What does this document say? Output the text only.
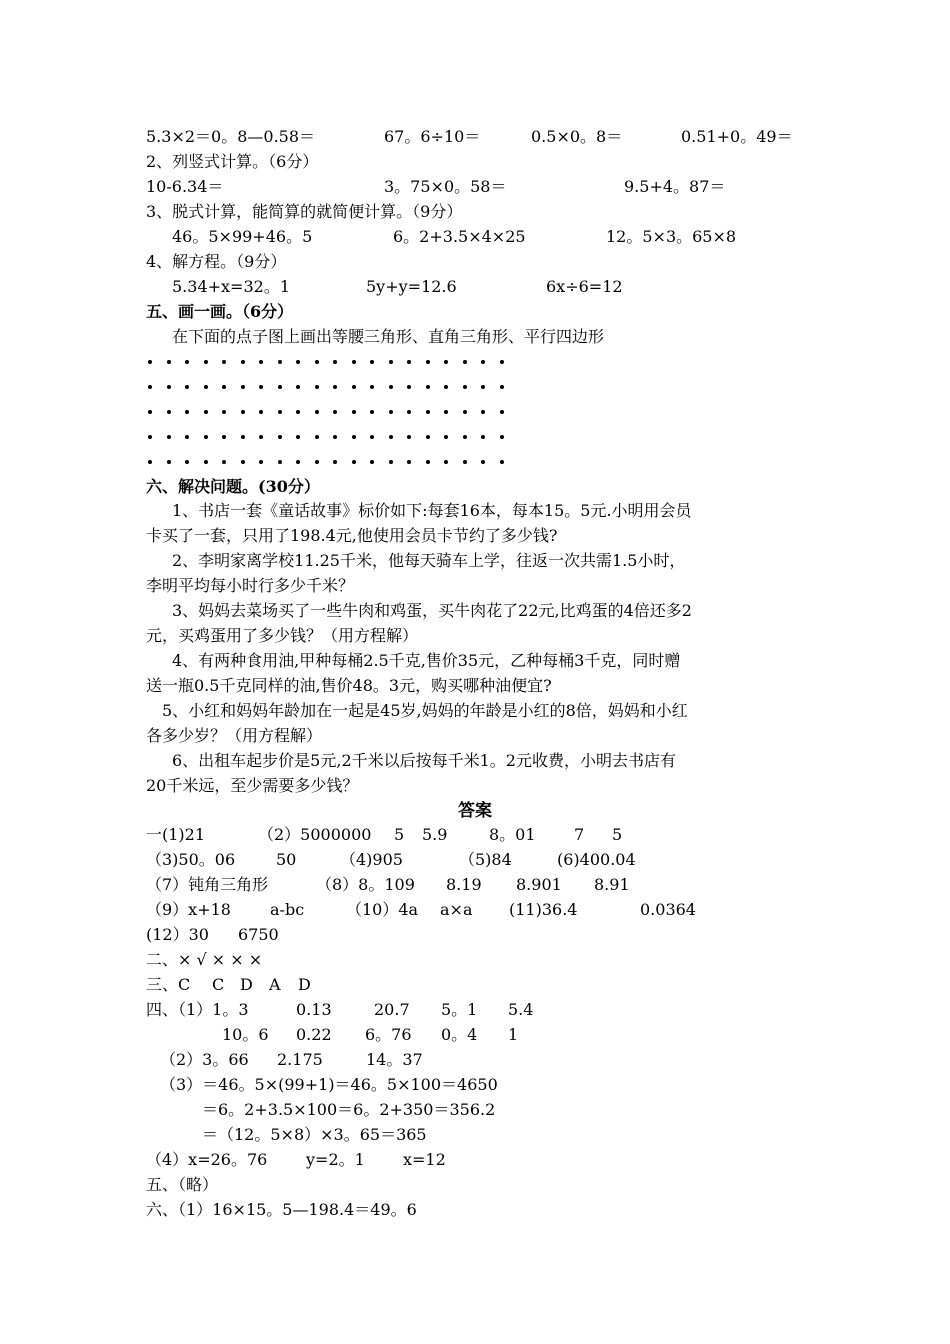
5.3×2＝0。8—0.58＝	67。6÷10＝	0.5×0。8＝	0.51+0。49＝
2、列竖式计算。（6分）
10-6.34＝	3。75×0。58＝	9.5+4。87＝
3、脱式计算，能简算的就简便计算。（9分）
46。5×99+46。5	6。2+3.5×4×25	12。5×3。65×8
4、解方程。（9分）
5.34+x=32。1	5y+y=12.6	6x÷6=12
五、画一画。（6分）
在下面的点子图上画出等腰三角形、直角三角形、平行四边形
六、解决问题。(30分）
1、书店一套《童话故事》标价如下:每套16本，每本15。5元.小明用会员
卡买了一套，只用了198.4元,他使用会员卡节约了多少钱?
2、李明家离学校11.25千米，他每天骑车上学，往返一次共需1.5小时，
李明平均每小时行多少千米？
3、妈妈去菜场买了一些牛肉和鸡蛋，买牛肉花了22元,比鸡蛋的4倍还多2
元，买鸡蛋用了多少钱？（用方程解）
4、有两种食用油,甲种每桶2.5千克,售价35元，乙种每桶3千克，同时赠
送一瓶0.5千克同样的油,售价48。3元，购买哪种油便宜?
5、小红和妈妈年龄加在一起是45岁,妈妈的年龄是小红的8倍，妈妈和小红
各多少岁？（用方程解）
6、出租车起步价是5元,2千米以后按每千米1。2元收费，小明去书店有
20千米远，至少需要多少钱？
答案
一(1)21	（2）5000000 5 5.9	8。01 7 5
（3)50。06	50	（4)905	（5)84	(6)400.04
（7）钝角三角形	（8）8。109 8.19 8.901 8.91
（9）x+18 a-bc	（10）4a a×a (11)36.4	0.0364
(12）30 6750
二、× √ × × ×
三、C C D A D
四、（1）1。3	0.13	20.7 5。1 5.4
10。6 0.22 6。76 0。4 1
（2）3。66 2.175	14。37
（3）＝46。5×(99+1)＝46。5×100＝4650
＝6。2+3.5×100＝6。2+350＝356.2
＝（12。5×8）×3。65＝365
（4）x=26。76 y=2。1 x=12
五、（略）
六、（1）16×15。5—198.4＝49。6
